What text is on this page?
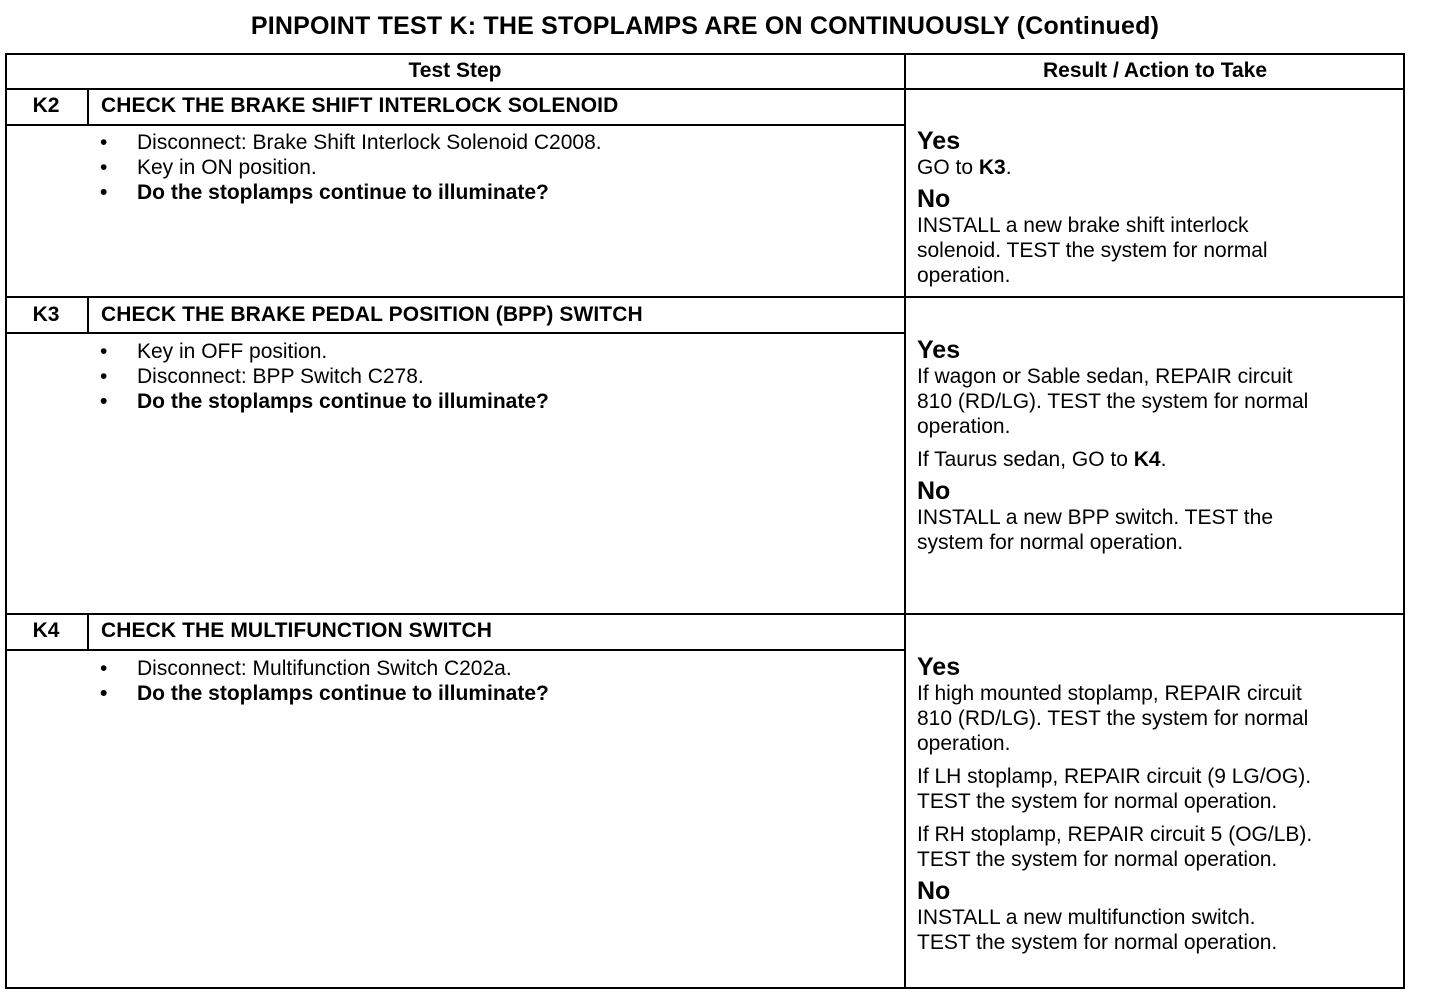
PINPOINT TEST K: THE STOPLAMPS ARE ON CONTINUOUSLY (Continued)
Test Step	Result / Action to Take
K2	CHECK THE BRAKE SHIFT INTERLOCK SOLENOID
• Disconnect: Brake Shift Interlock Solenoid C2008.
• Key in ON position.
• Do the stoplamps continue to illuminate?
Yes
GO to K3.
No
INSTALL a new brake shift interlock
solenoid. TEST the system for normal
operation.
K3	CHECK THE BRAKE PEDAL POSITION (BPP) SWITCH
• Key in OFF position.
• Disconnect: BPP Switch C278.
• Do the stoplamps continue to illuminate?
Yes
If wagon or Sable sedan, REPAIR circuit
810 (RD/LG). TEST the system for normal
operation.
If Taurus sedan, GO to K4.
No
INSTALL a new BPP switch. TEST the
system for normal operation.
K4	CHECK THE MULTIFUNCTION SWITCH
• Disconnect: Multifunction Switch C202a.
• Do the stoplamps continue to illuminate?
Yes
If high mounted stoplamp, REPAIR circuit
810 (RD/LG). TEST the system for normal
operation.
If LH stoplamp, REPAIR circuit (9 LG/OG).
TEST the system for normal operation.
If RH stoplamp, REPAIR circuit 5 (OG/LB).
TEST the system for normal operation.
No
INSTALL a new multifunction switch.
TEST the system for normal operation.
